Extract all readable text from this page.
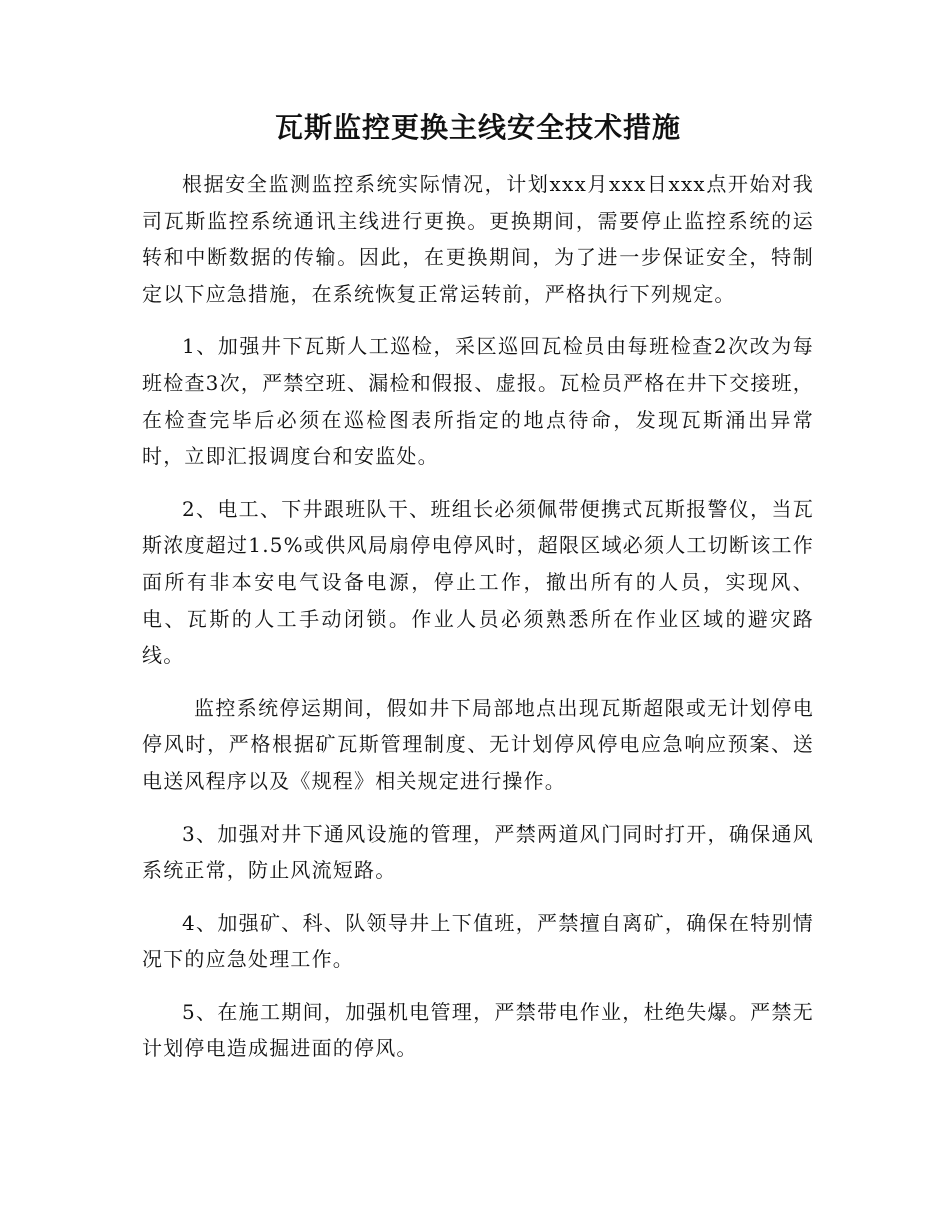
瓦斯监控更换主线安全技术措施

根据安全监测监控系统实际情况，计划xxx月xxx日xxx点开始对我司瓦斯监控系统通讯主线进行更换。更换期间，需要停止监控系统的运转和中断数据的传输。因此，在更换期间，为了进一步保证安全，特制定以下应急措施，在系统恢复正常运转前，严格执行下列规定。

1、加强井下瓦斯人工巡检，采区巡回瓦检员由每班检查2次改为每班检查3次，严禁空班、漏检和假报、虚报。瓦检员严格在井下交接班，在检查完毕后必须在巡检图表所指定的地点待命，发现瓦斯涌出异常时，立即汇报调度台和安监处。

2、电工、下井跟班队干、班组长必须佩带便携式瓦斯报警仪，当瓦斯浓度超过1.5%或供风局扇停电停风时，超限区域必须人工切断该工作面所有非本安电气设备电源，停止工作，撤出所有的人员，实现风、电、瓦斯的人工手动闭锁。作业人员必须熟悉所在作业区域的避灾路线。

监控系统停运期间，假如井下局部地点出现瓦斯超限或无计划停电停风时，严格根据矿瓦斯管理制度、无计划停风停电应急响应预案、送电送风程序以及《规程》相关规定进行操作。

3、加强对井下通风设施的管理，严禁两道风门同时打开，确保通风系统正常，防止风流短路。

4、加强矿、科、队领导井上下值班，严禁擅自离矿，确保在特别情况下的应急处理工作。

5、在施工期间，加强机电管理，严禁带电作业，杜绝失爆。严禁无计划停电造成掘进面的停风。
